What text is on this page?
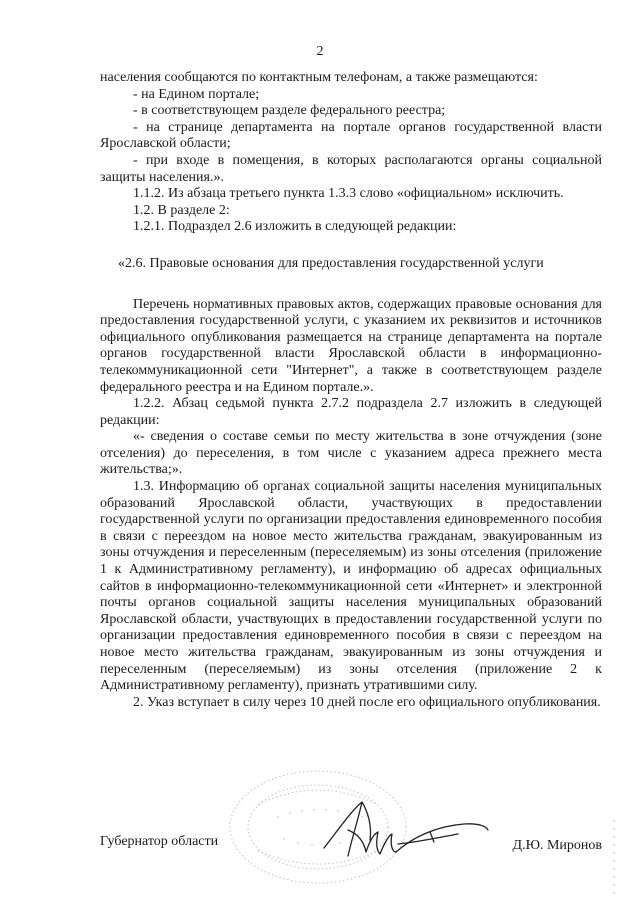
2

населения сообщаются по контактным телефонам, а также размещаются:

- на Едином портале;

- в соответствующем разделе федерального реестра;

- на странице департамента на портале органов государственной власти Ярославской области;

- при входе в помещения, в которых располагаются органы социальной защиты населения.».

1.1.2. Из абзаца третьего пункта 1.3.3 слово «официальном» исключить.

1.2. В разделе 2:

1.2.1. Подраздел 2.6 изложить в следующей редакции:

«2.6. Правовые основания для предоставления государственной услуги

Перечень нормативных правовых актов, содержащих правовые основания для предоставления государственной услуги, с указанием их реквизитов и источников официального опубликования размещается на странице департамента на портале органов государственной власти Ярославской области в информационно-телекоммуникационной сети "Интернет", а также в соответствующем разделе федерального реестра и на Едином портале.».

1.2.2. Абзац седьмой пункта 2.7.2 подраздела 2.7 изложить в следующей редакции:

«- сведения о составе семьи по месту жительства в зоне отчуждения (зоне отселения) до переселения, в том числе с указанием адреса прежнего места жительства;».

1.3. Информацию об органах социальной защиты населения муниципальных образований Ярославской области, участвующих в предоставлении государственной услуги по организации предоставления единовременного пособия в связи с переездом на новое место жительства гражданам, эвакуированным из зоны отчуждения и переселенным (переселяемым) из зоны отселения (приложение 1 к Административному регламенту), и информацию об адресах официальных сайтов в информационно-телекоммуникационной сети «Интернет» и электронной почты органов социальной защиты населения муниципальных образований Ярославской области, участвующих в предоставлении государственной услуги по организации предоставления единовременного пособия в связи с переездом на новое место жительства гражданам, эвакуированным из зоны отчуждения и переселенным (переселяемым) из зоны отселения (приложение 2 к Административному регламенту), признать утратившими силу.

2. Указ вступает в силу через 10 дней после его официального опубликования.

Губернатор области	Д.Ю. Миронов
